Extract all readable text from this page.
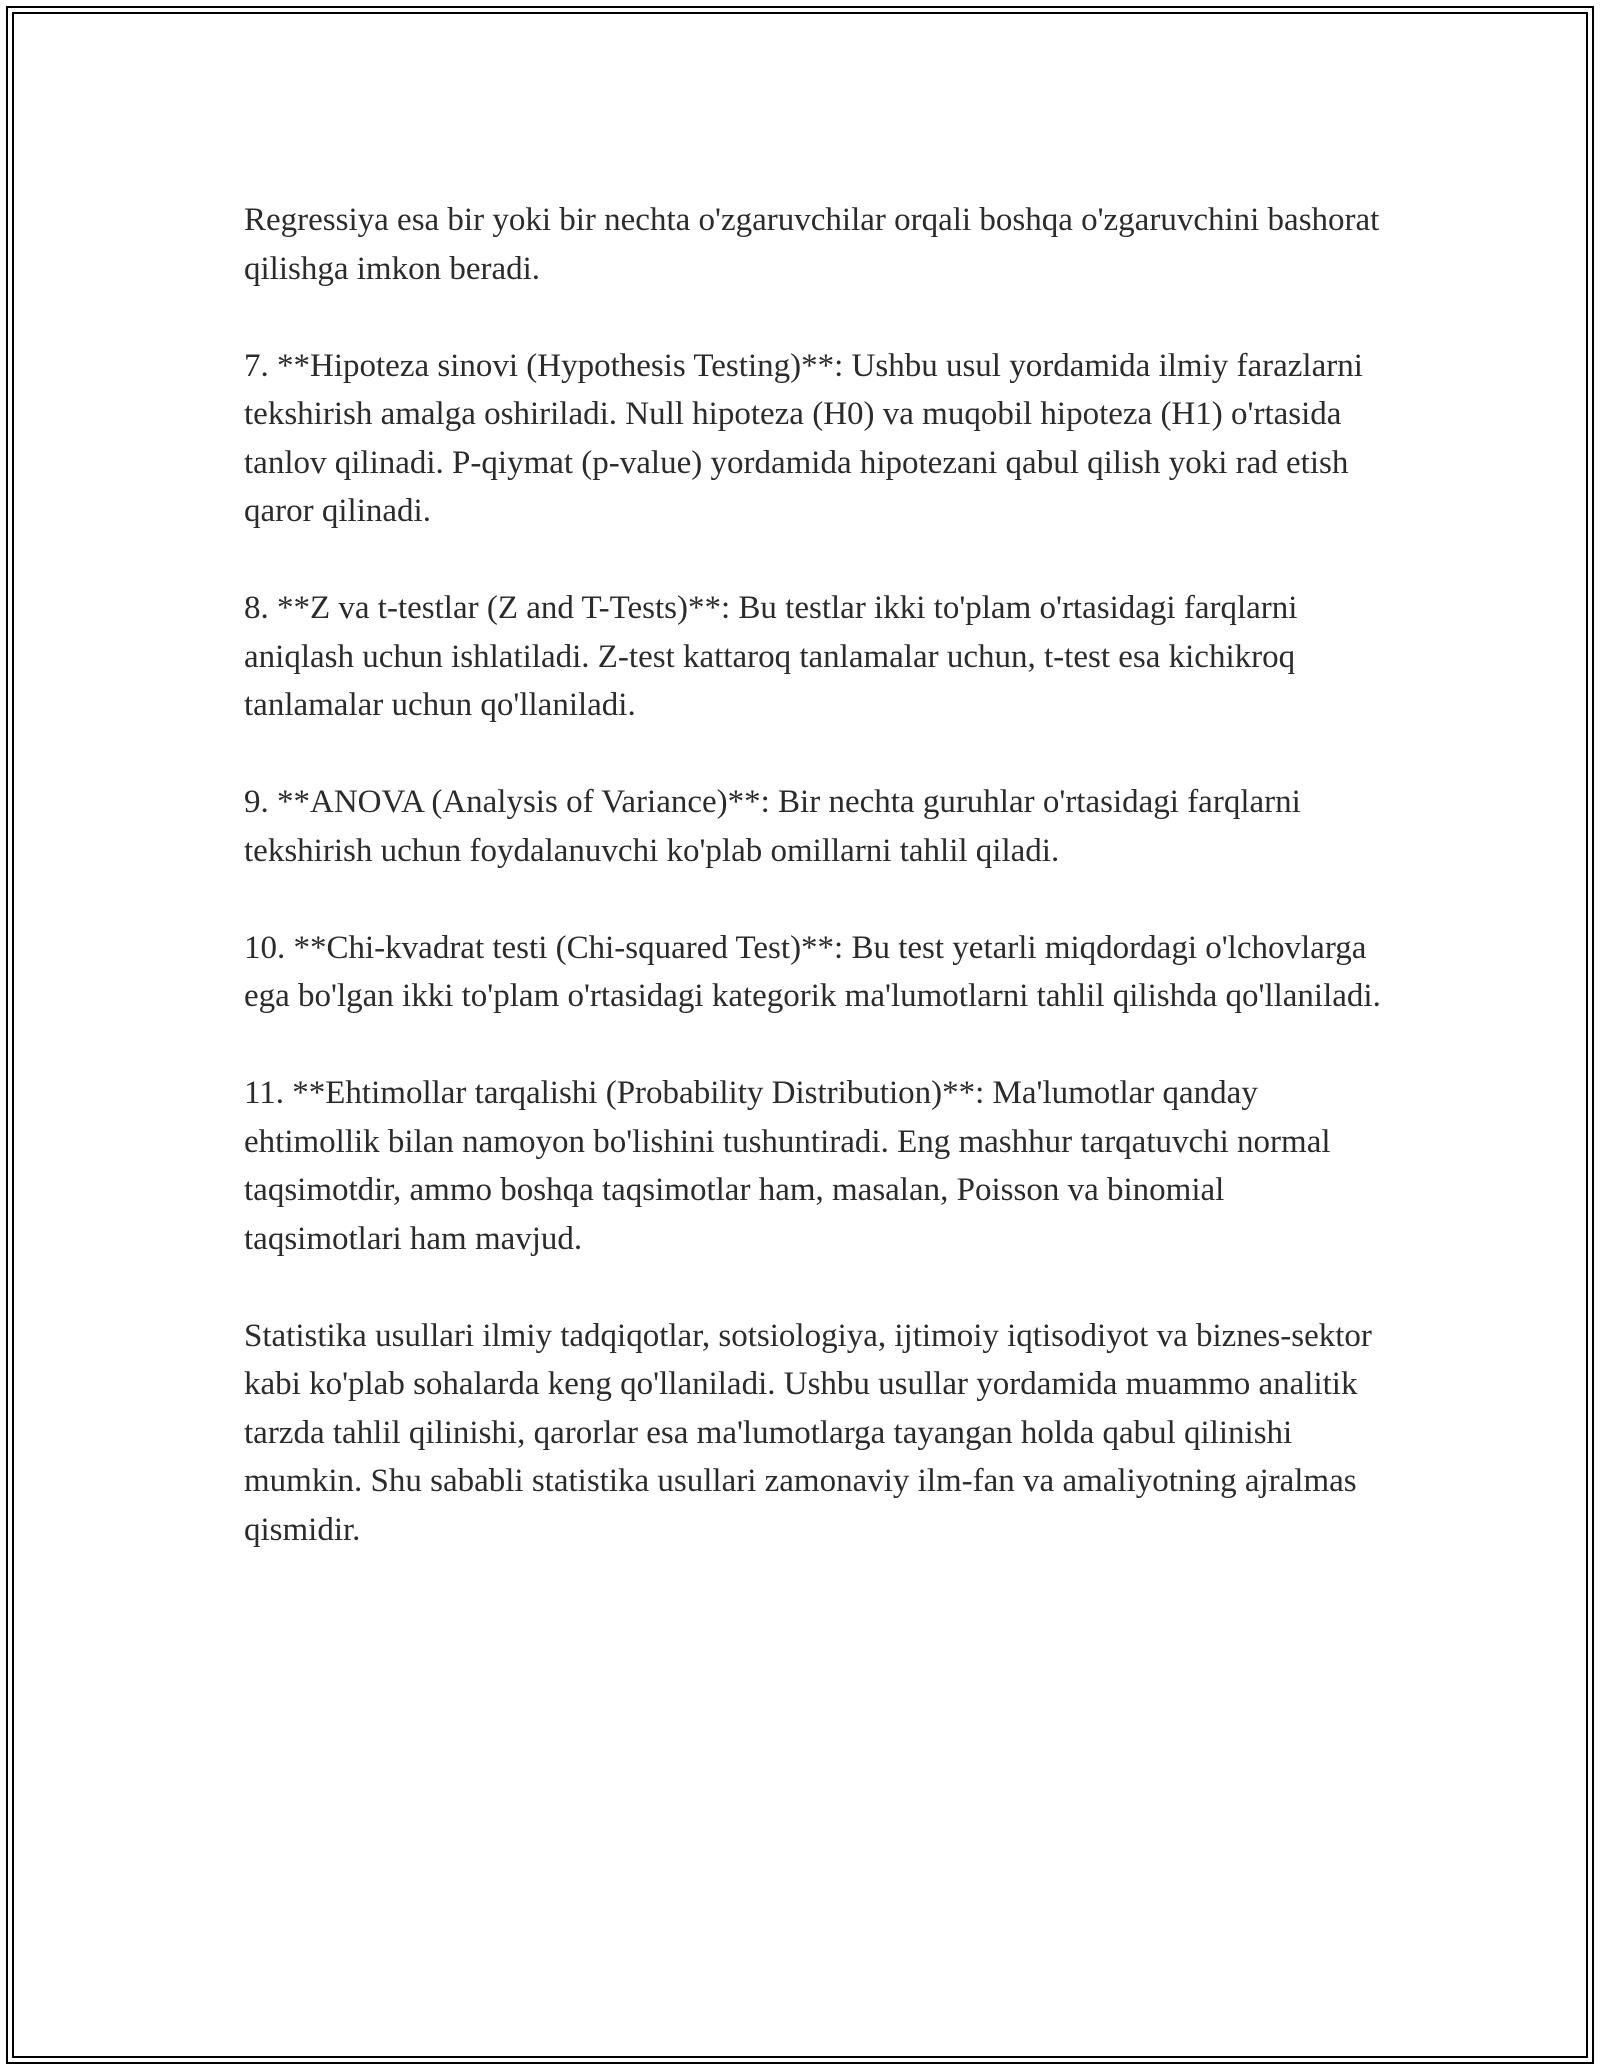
Regressiya esa bir yoki bir nechta o'zgaruvchilar orqali boshqa o'zgaruvchini bashorat qilishga imkon beradi.

7. **Hipoteza sinovi (Hypothesis Testing)**: Ushbu usul yordamida ilmiy farazlarni tekshirish amalga oshiriladi. Null hipoteza (H0) va muqobil hipoteza (H1) o'rtasida tanlov qilinadi. P-qiymat (p-value) yordamida hipotezani qabul qilish yoki rad etish qaror qilinadi.

8. **Z va t-testlar (Z and T-Tests)**: Bu testlar ikki to'plam o'rtasidagi farqlarni aniqlash uchun ishlatiladi. Z-test kattaroq tanlamalar uchun, t-test esa kichikroq tanlamalar uchun qo'llaniladi.

9. **ANOVA (Analysis of Variance)**: Bir nechta guruhlar o'rtasidagi farqlarni tekshirish uchun foydalanuvchi ko'plab omillarni tahlil qiladi.

10. **Chi-kvadrat testi (Chi-squared Test)**: Bu test yetarli miqdordagi o'lchovlarga ega bo'lgan ikki to'plam o'rtasidagi kategorik ma'lumotlarni tahlil qilishda qo'llaniladi.

11. **Ehtimollar tarqalishi (Probability Distribution)**: Ma'lumotlar qanday ehtimollik bilan namoyon bo'lishini tushuntiradi. Eng mashhur tarqatuvchi normal taqsimotdir, ammo boshqa taqsimotlar ham, masalan, Poisson va binomial taqsimotlari ham mavjud.

Statistika usullari ilmiy tadqiqotlar, sotsiologiya, ijtimoiy iqtisodiyot va biznes-sektor kabi ko'plab sohalarda keng qo'llaniladi. Ushbu usullar yordamida muammo analitik tarzda tahlil qilinishi, qarorlar esa ma'lumotlarga tayangan holda qabul qilinishi mumkin. Shu sababli statistika usullari zamonaviy ilm-fan va amaliyotning ajralmas qismidir.
